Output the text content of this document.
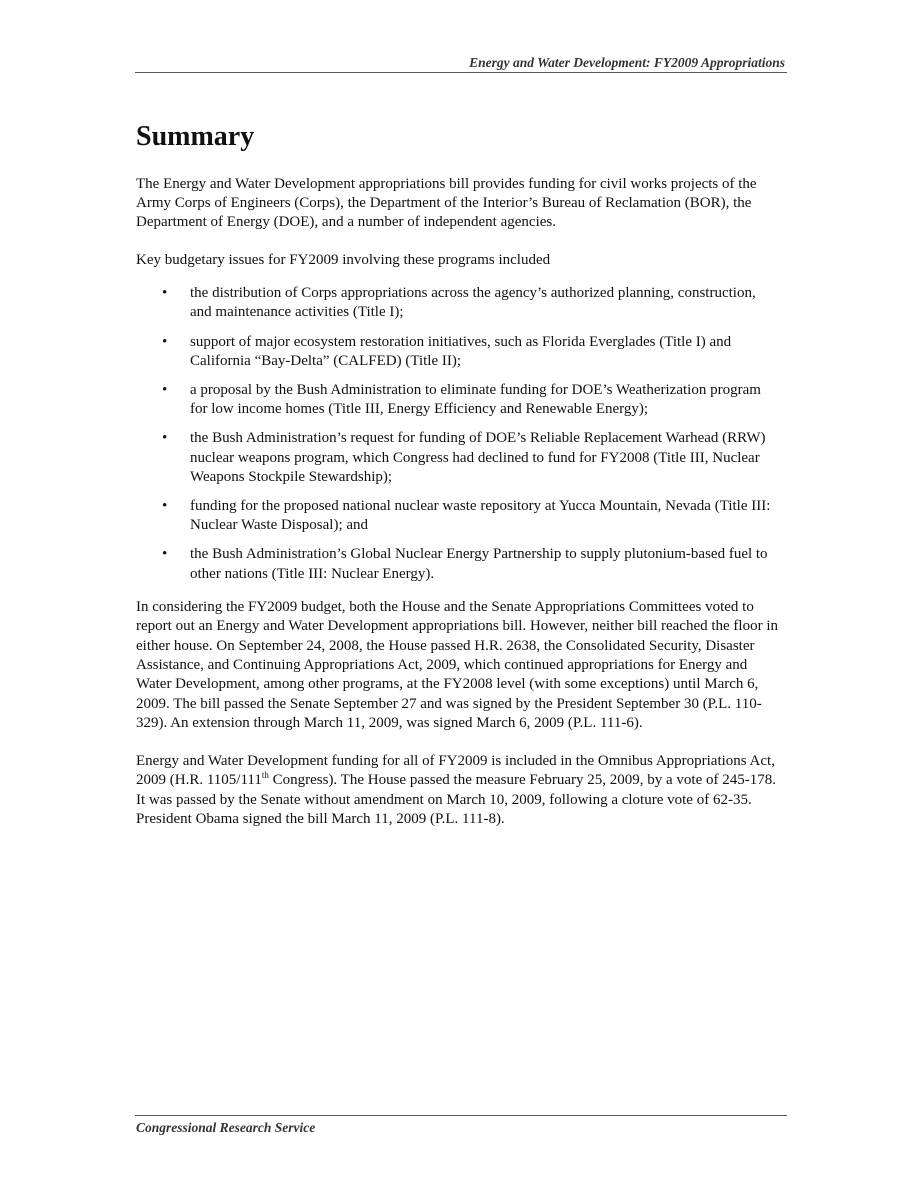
Energy and Water Development: FY2009 Appropriations
Summary

The Energy and Water Development appropriations bill provides funding for civil works projects of the Army Corps of Engineers (Corps), the Department of the Interior’s Bureau of Reclamation (BOR), the Department of Energy (DOE), and a number of independent agencies.

Key budgetary issues for FY2009 involving these programs included

• the distribution of Corps appropriations across the agency’s authorized planning, construction, and maintenance activities (Title I);
• support of major ecosystem restoration initiatives, such as Florida Everglades (Title I) and California “Bay-Delta” (CALFED) (Title II);
• a proposal by the Bush Administration to eliminate funding for DOE’s Weatherization program for low income homes (Title III, Energy Efficiency and Renewable Energy);
• the Bush Administration’s request for funding of DOE’s Reliable Replacement Warhead (RRW) nuclear weapons program, which Congress had declined to fund for FY2008 (Title III, Nuclear Weapons Stockpile Stewardship);
• funding for the proposed national nuclear waste repository at Yucca Mountain, Nevada (Title III: Nuclear Waste Disposal); and
• the Bush Administration’s Global Nuclear Energy Partnership to supply plutonium-based fuel to other nations (Title III: Nuclear Energy).

In considering the FY2009 budget, both the House and the Senate Appropriations Committees voted to report out an Energy and Water Development appropriations bill. However, neither bill reached the floor in either house. On September 24, 2008, the House passed H.R. 2638, the Consolidated Security, Disaster Assistance, and Continuing Appropriations Act, 2009, which continued appropriations for Energy and Water Development, among other programs, at the FY2008 level (with some exceptions) until March 6, 2009. The bill passed the Senate September 27 and was signed by the President September 30 (P.L. 110-329). An extension through March 11, 2009, was signed March 6, 2009 (P.L. 111-6).

Energy and Water Development funding for all of FY2009 is included in the Omnibus Appropriations Act, 2009 (H.R. 1105/111th Congress). The House passed the measure February 25, 2009, by a vote of 245-178. It was passed by the Senate without amendment on March 10, 2009, following a cloture vote of 62-35. President Obama signed the bill March 11, 2009 (P.L. 111-8).

Congressional Research Service
